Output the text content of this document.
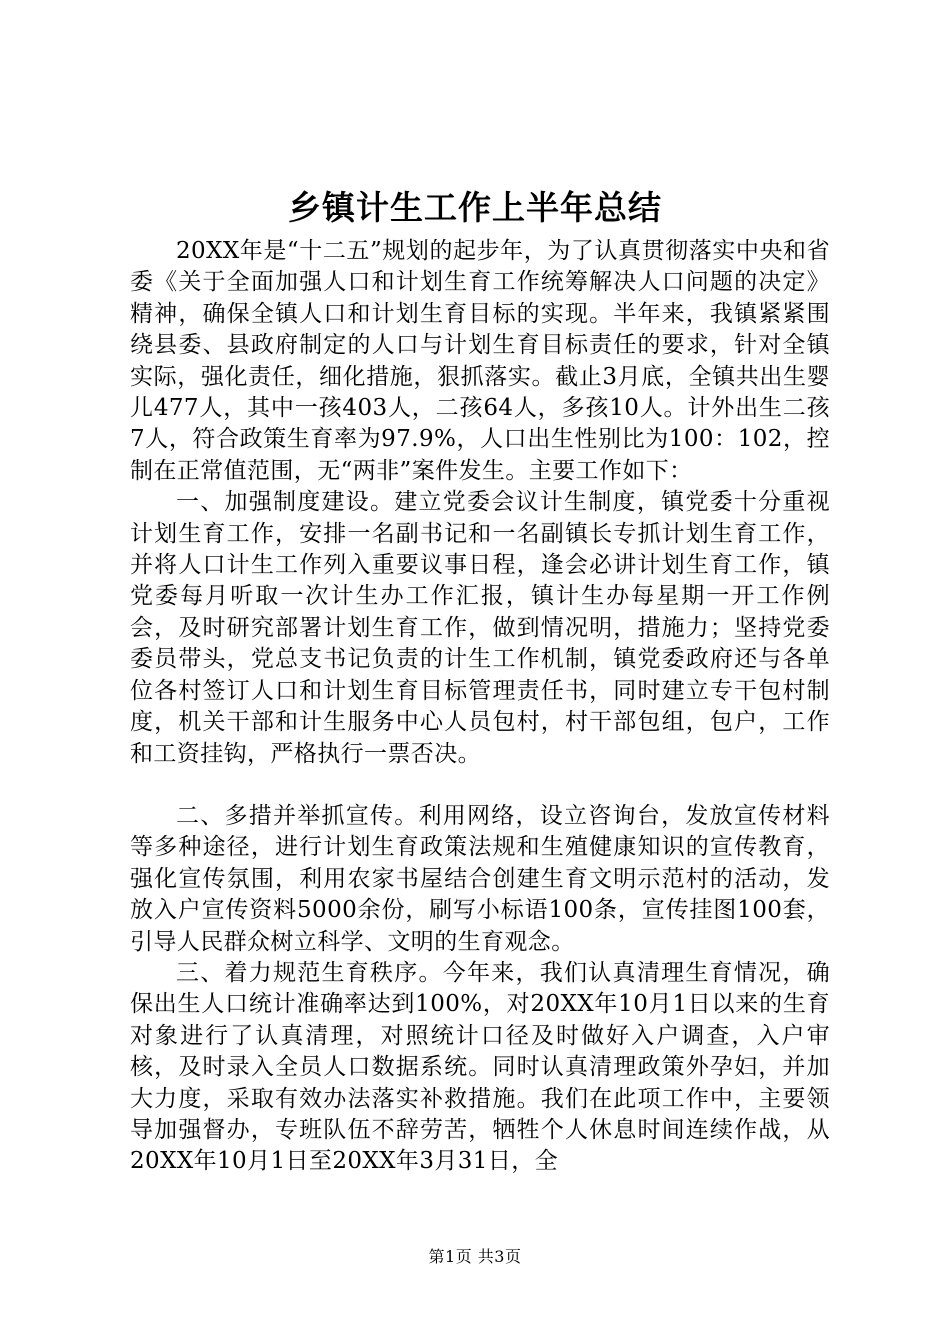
乡镇计生工作上半年总结

20XX年是“十二五”规划的起步年，为了认真贯彻落实中央和省委《关于全面加强人口和计划生育工作统筹解决人口问题的决定》精神，确保全镇人口和计划生育目标的实现。半年来，我镇紧紧围绕县委、县政府制定的人口与计划生育目标责任的要求，针对全镇实际，强化责任，细化措施，狠抓落实。截止3月底，全镇共出生婴儿477人，其中一孩403人，二孩64人，多孩10人。计外出生二孩7人，符合政策生育率为97.9%，人口出生性别比为100：102，控制在正常值范围，无“两非”案件发生。主要工作如下：

一、加强制度建设。建立党委会议计生制度，镇党委十分重视计划生育工作，安排一名副书记和一名副镇长专抓计划生育工作，并将人口计生工作列入重要议事日程，逢会必讲计划生育工作，镇党委每月听取一次计生办工作汇报，镇计生办每星期一开工作例会，及时研究部署计划生育工作，做到情况明，措施力；坚持党委委员带头，党总支书记负责的计生工作机制，镇党委政府还与各单位各村签订人口和计划生育目标管理责任书，同时建立专干包村制度，机关干部和计生服务中心人员包村，村干部包组，包户，工作和工资挂钩，严格执行一票否决。

二、多措并举抓宣传。利用网络，设立咨询台，发放宣传材料等多种途径，进行计划生育政策法规和生殖健康知识的宣传教育，强化宣传氛围，利用农家书屋结合创建生育文明示范村的活动，发放入户宣传资料5000余份，刷写小标语100条，宣传挂图100套，引导人民群众树立科学、文明的生育观念。

三、着力规范生育秩序。今年来，我们认真清理生育情况，确保出生人口统计准确率达到100%，对20XX年10月1日以来的生育对象进行了认真清理，对照统计口径及时做好入户调查，入户审核，及时录入全员人口数据系统。同时认真清理政策外孕妇，并加大力度，采取有效办法落实补救措施。我们在此项工作中，主要领导加强督办，专班队伍不辞劳苦，牺牲个人休息时间连续作战，从20XX年10月1日至20XX年3月31日，全

第1页 共3页
